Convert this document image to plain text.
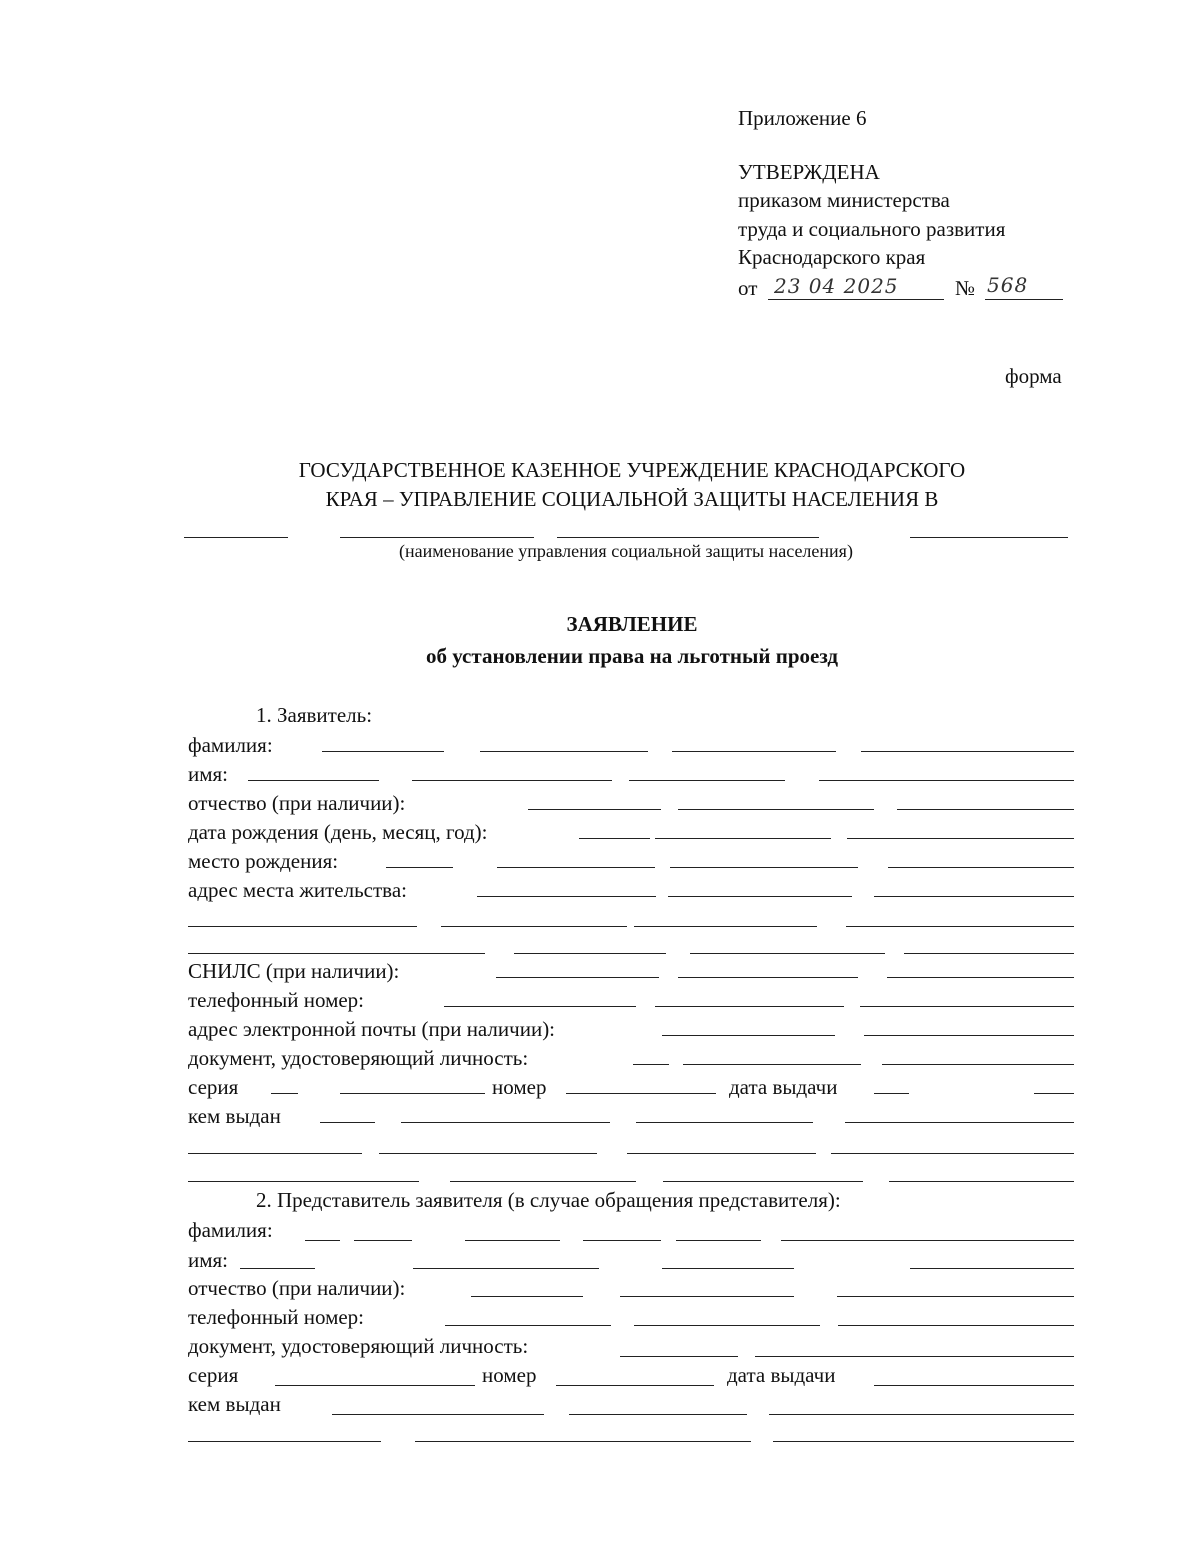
Приложение 6
УТВЕРЖДЕНА
приказом министерства
труда и социального развития
Краснодарского края
от 23 04 2025	№ 568
форма
ГОСУДАРСТВЕННОЕ КАЗЕННОЕ УЧРЕЖДЕНИЕ КРАСНОДАРСКОГО
КРАЯ – УПРАВЛЕНИЕ СОЦИАЛЬНОЙ ЗАЩИТЫ НАСЕЛЕНИЯ В
(наименование управления социальной защиты населения)
ЗАЯВЛЕНИЕ
об установлении права на льготный проезд
1. Заявитель:
фамилия:
имя:
отчество (при наличии):
дата рождения (день, месяц, год):
место рождения:
адрес места жительства:
СНИЛС (при наличии):
телефонный номер:
адрес электронной почты (при наличии):
документ, удостоверяющий личность:
серия	номер	дата выдачи
кем выдан
2. Представитель заявителя (в случае обращения представителя):
фамилия:
имя:
отчество (при наличии):
телефонный номер:
документ, удостоверяющий личность:
серия	номер	дата выдачи
кем выдан
